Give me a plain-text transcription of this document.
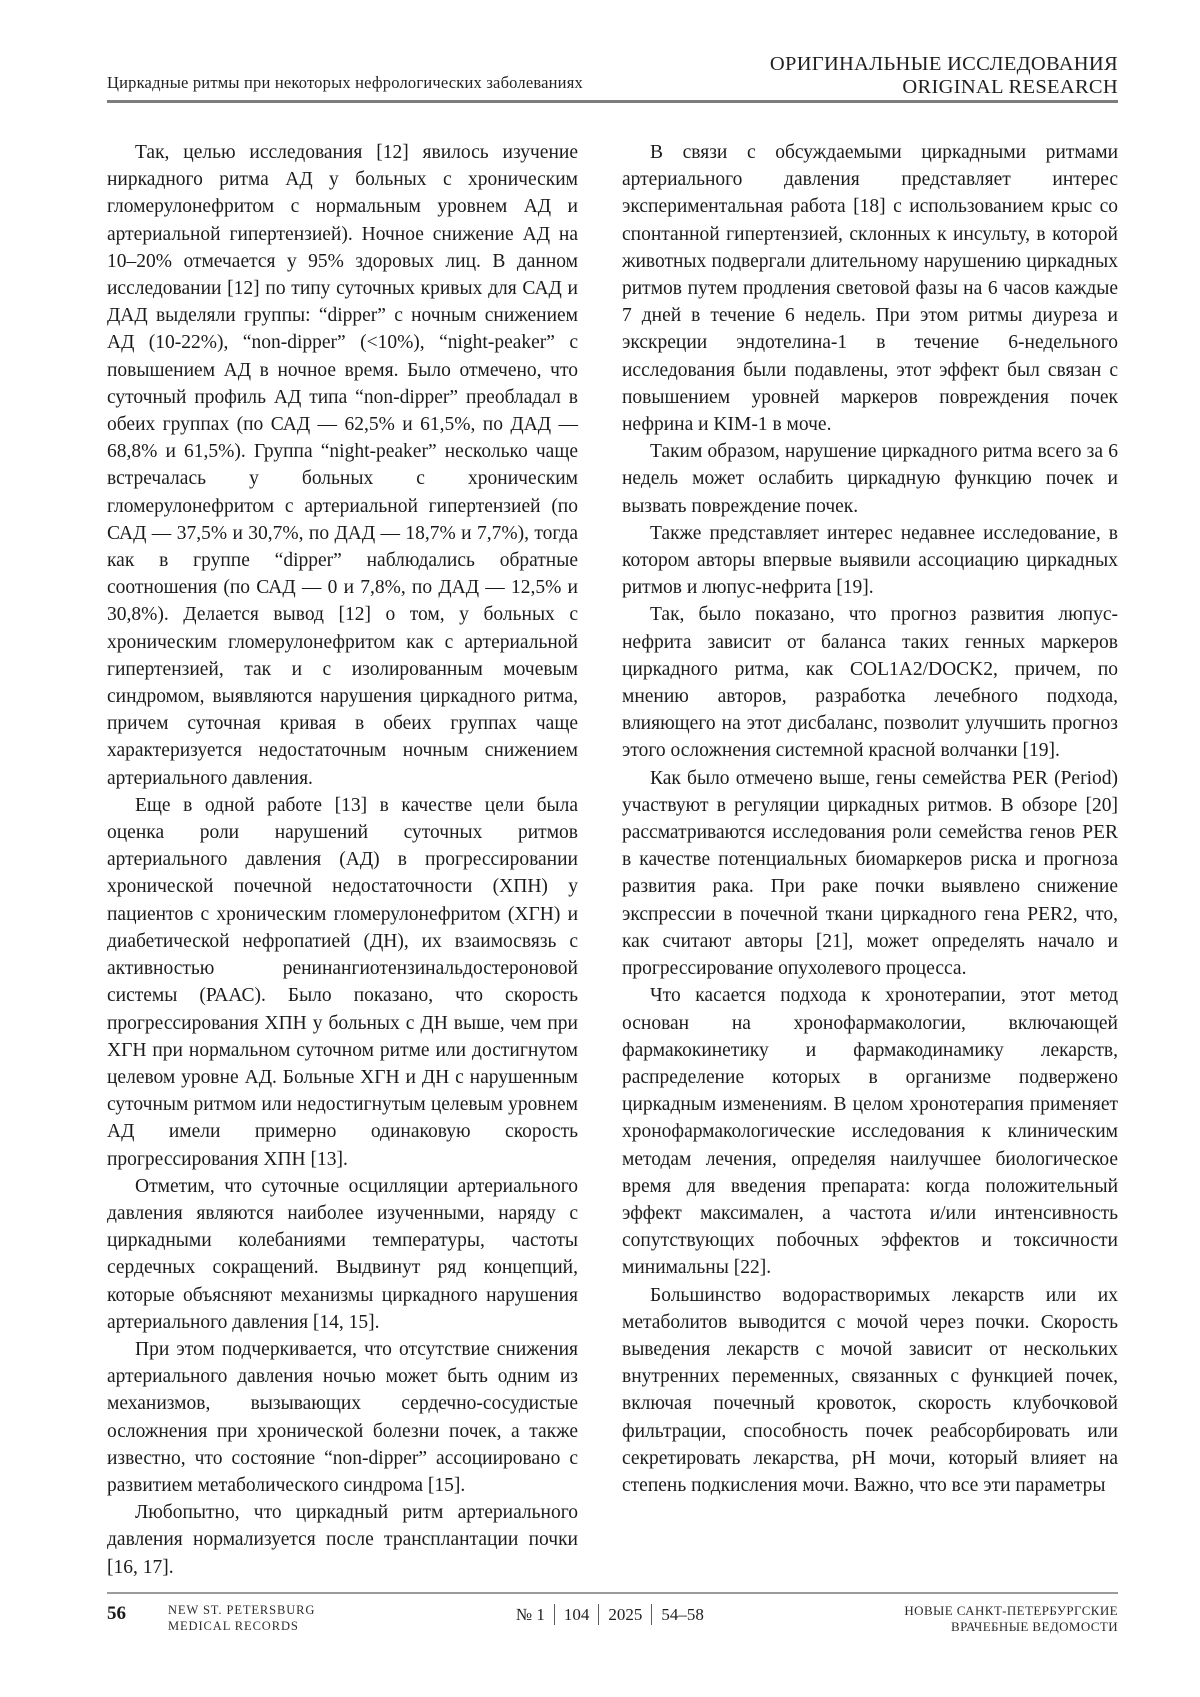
Циркадные ритмы при некоторых нефрологических заболеваниях
ОРИГИНАЛЬНЫЕ ИССЛЕДОВАНИЯ
ORIGINAL RESEARCH

Так, целью исследования [12] явилось изучение ниркадного ритма АД у больных с хроническим гломерулонефритом с нормальным уровнем АД и артериальной гипертензией). Ночное снижение АД на 10–20% отмечается у 95% здоровых лиц. В данном исследовании [12] по типу суточных кривых для САД и ДАД выделяли группы: “dipper” с ночным снижением АД (10-22%), “non-dipper” (<10%), “night-peaker” с повышением АД в ночное время. Было отмечено, что суточный профиль АД типа “non-dipper” преобладал в обеих группах (по САД — 62,5% и 61,5%, по ДАД — 68,8% и 61,5%). Группа “night-peaker” несколько чаще встречалась у больных с хроническим гломерулонефритом с артериальной гипертензией (по САД — 37,5% и 30,7%, по ДАД — 18,7% и 7,7%), тогда как в группе “dipper” наблюдались обратные соотношения (по САД — 0 и 7,8%, по ДАД — 12,5% и 30,8%). Делается вывод [12] о том, у больных с хроническим гломерулонефритом как с артериальной гипертензией, так и с изолированным мочевым синдромом, выявляются нарушения циркадного ритма, причем суточная кривая в обеих группах чаще характеризуется недостаточным ночным снижением артериального давления.

Еще в одной работе [13] в качестве цели была оценка роли нарушений суточных ритмов артериального давления (АД) в прогрессировании хронической почечной недостаточности (ХПН) у пациентов с хроническим гломерулонефритом (ХГН) и диабетической нефропатией (ДН), их взаимосвязь с активностью ренинангиотензинальдостероновой системы (РААС). Было показано, что скорость прогрессирования ХПН у больных с ДН выше, чем при ХГН при нормальном суточном ритме или достигнутом целевом уровне АД. Больные ХГН и ДН с нарушенным суточным ритмом или недостигнутым целевым уровнем АД имели примерно одинаковую скорость прогрессирования ХПН [13].

Отметим, что суточные осцилляции артериального давления являются наиболее изученными, наряду с циркадными колебаниями температуры, частоты сердечных сокращений. Выдвинут ряд концепций, которые объясняют механизмы циркадного нарушения артериального давления [14, 15].

При этом подчеркивается, что отсутствие снижения артериального давления ночью может быть одним из механизмов, вызывающих сердечно-сосудистые осложнения при хронической болезни почек, а также известно, что состояние “non-dipper” ассоциировано с развитием метаболического синдрома [15].

Любопытно, что циркадный ритм артериального давления нормализуется после трансплантации почки [16, 17].

В связи с обсуждаемыми циркадными ритмами артериального давления представляет интерес экспериментальная работа [18] с использованием крыс со спонтанной гипертензией, склонных к инсульту, в которой животных подвергали длительному нарушению циркадных ритмов путем продления световой фазы на 6 часов каждые 7 дней в течение 6 недель. При этом ритмы диуреза и экскреции эндотелина-1 в течение 6-недельного исследования были подавлены, этот эффект был связан с повышением уровней маркеров повреждения почек нефрина и KIM-1 в моче.

Таким образом, нарушение циркадного ритма всего за 6 недель может ослабить циркадную функцию почек и вызвать повреждение почек.

Также представляет интерес недавнее исследование, в котором авторы впервые выявили ассоциацию циркадных ритмов и люпус-нефрита [19].

Так, было показано, что прогноз развития люпус-нефрита зависит от баланса таких генных маркеров циркадного ритма, как COL1A2/DOCK2, причем, по мнению авторов, разработка лечебного подхода, влияющего на этот дисбаланс, позволит улучшить прогноз этого осложнения системной красной волчанки [19].

Как было отмечено выше, гены семейства PER (Period) участвуют в регуляции циркадных ритмов. В обзоре [20] рассматриваются исследования роли семейства генов PER в качестве потенциальных биомаркеров риска и прогноза развития рака. При раке почки выявлено снижение экспрессии в почечной ткани циркадного гена PER2, что, как считают авторы [21], может определять начало и прогрессирование опухолевого процесса.

Что касается подхода к хронотерапии, этот метод основан на хронофармакологии, включающей фармакокинетику и фармакодинамику лекарств, распределение которых в организме подвержено циркадным изменениям. В целом хронотерапия применяет хронофармакологические исследования к клиническим методам лечения, определяя наилучшее биологическое время для введения препарата: когда положительный эффект максимален, а частота и/или интенсивность сопутствующих побочных эффектов и токсичности минимальны [22].

Большинство водорастворимых лекарств или их метаболитов выводится с мочой через почки. Скорость выведения лекарств с мочой зависит от нескольких внутренних переменных, связанных с функцией почек, включая почечный кровоток, скорость клубочковой фильтрации, способность почек реабсорбировать или секретировать лекарства, pH мочи, который влияет на степень подкисления мочи. Важно, что все эти параметры

56	NEW ST. PETERSBURG
MEDICAL RECORDS
№ 1	104	2025	54–58	НОВЫЕ САНКТ-ПЕТЕРБУРГСКИЕ
ВРАЧЕБНЫЕ ВЕДОМОСТИ
